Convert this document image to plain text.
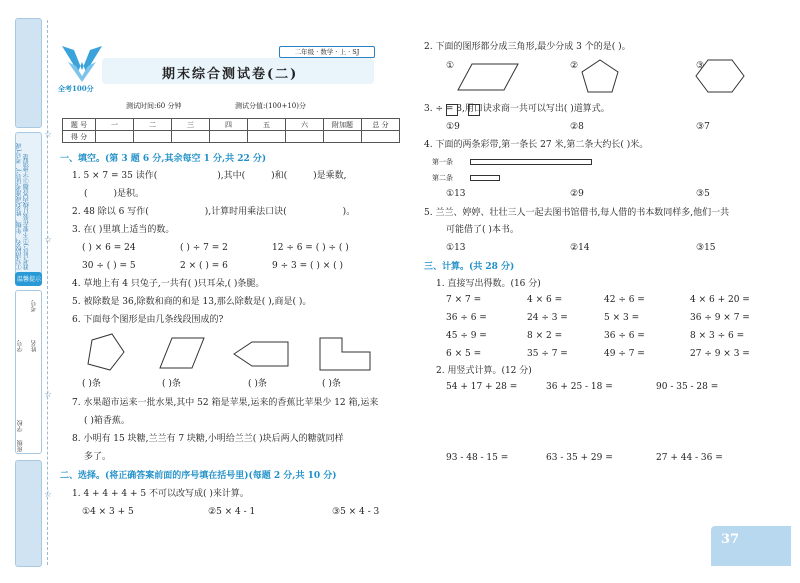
①写清校名、年级、姓名(或准考证号)、考号(或准考证号)②不要在装订线内答题③字迹清楚
温馨提示
学校
班级
姓名
考号
学号
☆
☆
☆
☆
全考100分
二年级 · 数学 · 上 · SJ
期末综合测试卷(二)
测试时间:60 分钟	测试分值:(100+10)分
题 号	一	二	三	四	五	六	附加题	总 分
得 分								
一、填空。(第 3 题 6 分,其余每空 1 分,共 22 分)
1. 5 × 7 = 35 读作(	),其中(	)和(	)是乘数,
(	)是积。
2. 48 除以 6 写作(	),计算时用乘法口诀(	)。
3. 在( )里填上适当的数。
( ) × 6 = 24	( ) ÷ 7 = 2	12 ÷ 6 = ( ) ÷ ( )
30 ÷ ( ) = 5	2 × ( ) = 6	9 ÷ 3 = ( ) × ( )
4. 草地上有 4 只兔子,一共有( )只耳朵,( )条腿。
5. 被除数是 36,除数和商的和是 13,那么除数是( ),商是( )。
6. 下面每个图形是由几条线段围成的?
( )条	( )条	( )条	( )条
7. 水果超市运来一批水果,其中 52 箱是苹果,运来的香蕉比苹果少 12 箱,运来
( )箱香蕉。
8. 小明有 15 块糖,兰兰有 7 块糖,小明给兰兰( )块后两人的糖就同样
多了。
二、选择。(将正确答案前面的序号填在括号里)(每题 2 分,共 10 分)
1. 4 + 4 + 4 + 5 不可以改写成( )来计算。
①4 × 3 + 5	②5 × 4 - 1	③5 × 4 - 3
2. 下面的图形都分成三角形,最少分成 3 个的是( )。
①	②	③
3. ÷ = 8,用口诀求商一共可以写出( )道算式。
①9	②8	③7
4. 下面的两条彩带,第一条长 27 米,第二条大约长( )米。
第一条
第二条
①13	②9	③5
5. 兰兰、婷婷、壮壮三人一起去图书馆借书,每人借的书本数同样多,他们一共
可能借了( )本书。
①13	②14	③15
三、计算。(共 28 分)
1. 直接写出得数。(16 分)
7 × 7 =	4 × 6 =	42 ÷ 6 =	4 × 6 + 20 =
36 ÷ 6 =	24 ÷ 3 =	5 × 3 =	36 ÷ 9 × 7 =
45 ÷ 9 =	8 × 2 =	36 ÷ 6 =	8 × 3 ÷ 6 =
6 × 5 =	35 ÷ 7 =	49 ÷ 7 =	27 ÷ 9 × 3 =
2. 用竖式计算。(12 分)
54 + 17 + 28 =	36 + 25 - 18 =	90 - 35 - 28 =
93 - 48 - 15 =	63 - 35 + 29 =	27 + 44 - 36 =
37
